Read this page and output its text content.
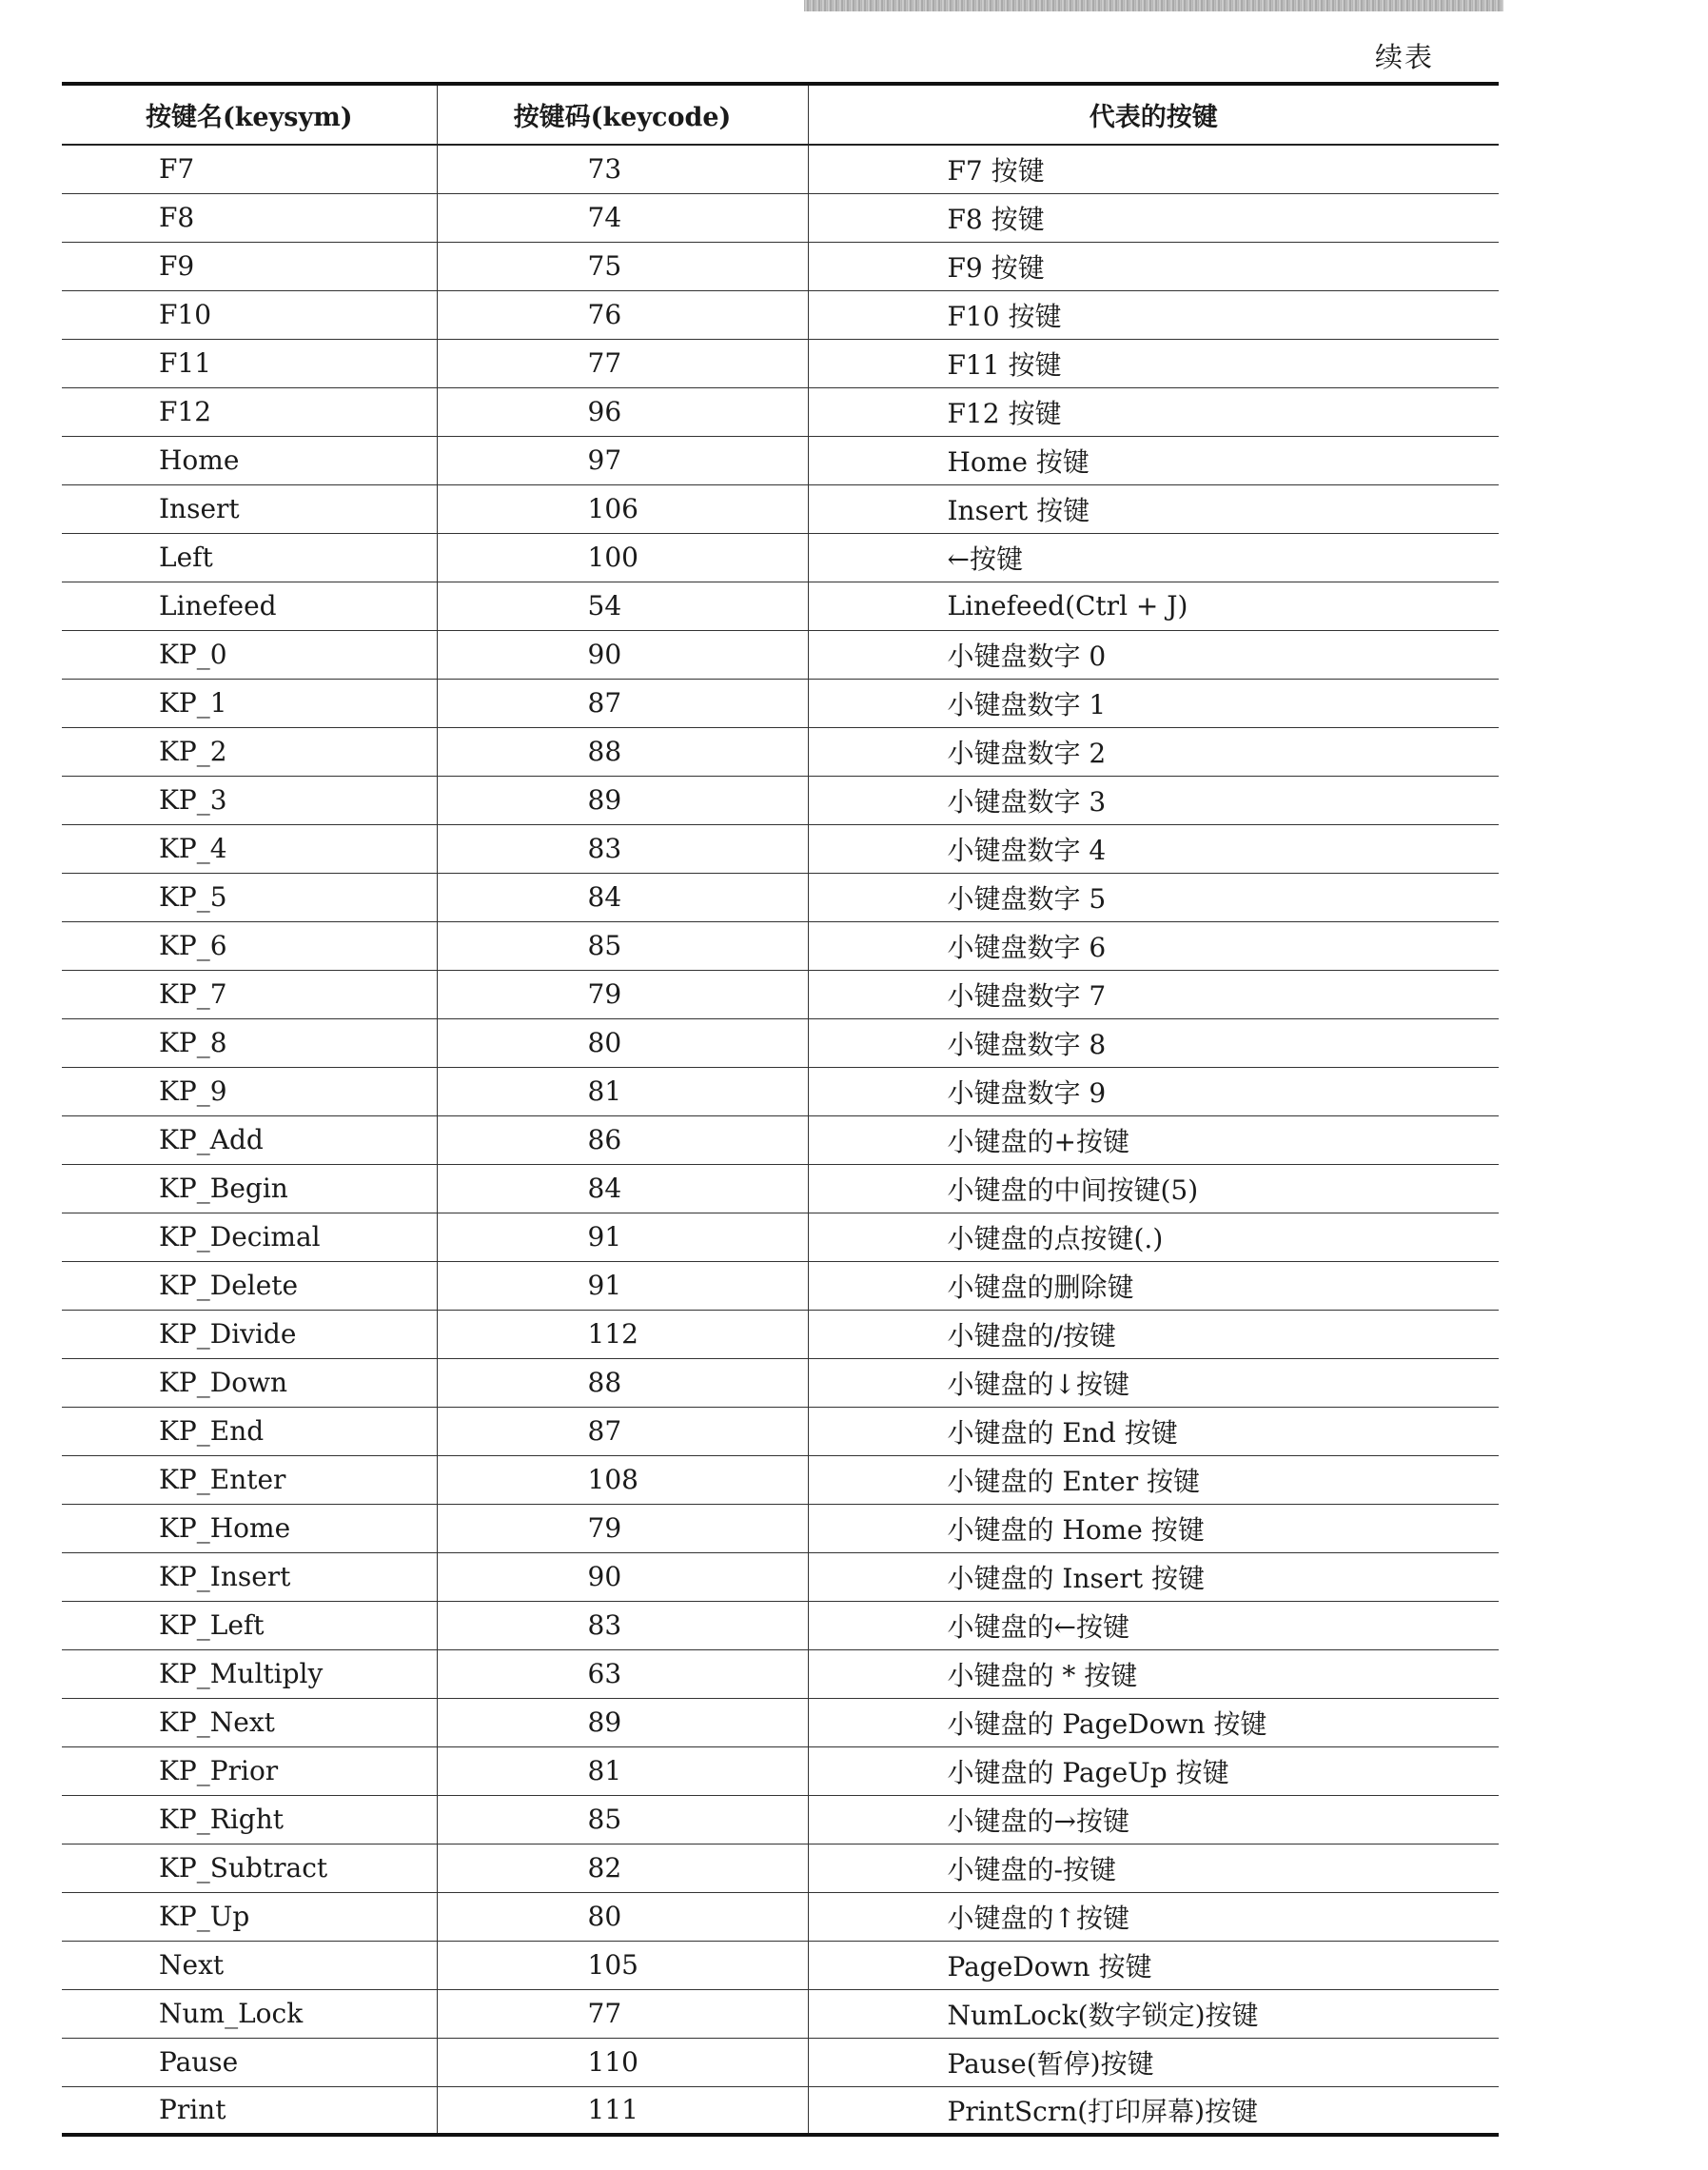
续表
按键名(keysym)	按键码(keycode)	代表的按键
F7	73	F7 按键
F8	74	F8 按键
F9	75	F9 按键
F10	76	F10 按键
F11	77	F11 按键
F12	96	F12 按键
Home	97	Home 按键
Insert	106	Insert 按键
Left	100	←按键
Linefeed	54	Linefeed(Ctrl + J)
KP_0	90	小键盘数字 0
KP_1	87	小键盘数字 1
KP_2	88	小键盘数字 2
KP_3	89	小键盘数字 3
KP_4	83	小键盘数字 4
KP_5	84	小键盘数字 5
KP_6	85	小键盘数字 6
KP_7	79	小键盘数字 7
KP_8	80	小键盘数字 8
KP_9	81	小键盘数字 9
KP_Add	86	小键盘的+按键
KP_Begin	84	小键盘的中间按键(5)
KP_Decimal	91	小键盘的点按键(.)
KP_Delete	91	小键盘的删除键
KP_Divide	112	小键盘的/按键
KP_Down	88	小键盘的↓按键
KP_End	87	小键盘的 End 按键
KP_Enter	108	小键盘的 Enter 按键
KP_Home	79	小键盘的 Home 按键
KP_Insert	90	小键盘的 Insert 按键
KP_Left	83	小键盘的←按键
KP_Multiply	63	小键盘的 * 按键
KP_Next	89	小键盘的 PageDown 按键
KP_Prior	81	小键盘的 PageUp 按键
KP_Right	85	小键盘的→按键
KP_Subtract	82	小键盘的-按键
KP_Up	80	小键盘的↑按键
Next	105	PageDown 按键
Num_Lock	77	NumLock(数字锁定)按键
Pause	110	Pause(暂停)按键
Print	111	PrintScrn(打印屏幕)按键
